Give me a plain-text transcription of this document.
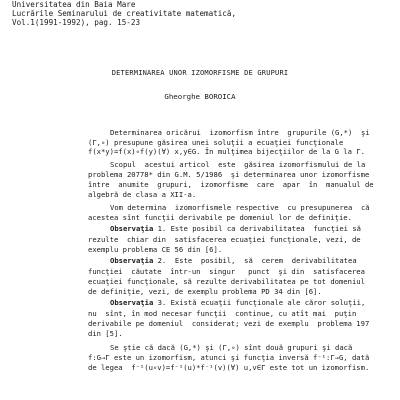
Universitatea din Baia Mare
Lucrările Seminarului de creativitate matematică,
Vol.1(1991-1992), pag. 15-23
DETERMINAREA UNOR IZOMORFISME DE GRUPURI
Gheorghe BOROICA
Determinarea oricărui  izomorfism între  grupurile (G,*)  şi
(Γ,∘) presupune găsirea unei soluţii a ecuaţiei funcţionale
f(x*y)=f(x)∘f(y)(∀) x,y∈G. În mulţimea bijecţiilor de la G la Γ.
Scopul  acestui articol  este  găsirea izomorfismului de la
problema 20778* din G.M. 5/1986  şi determinarea unor izomorfisme
între  anumite  grupuri,  izomorfisme  care  apar  în  manualul de
algebră de clasa a XII-a.
Vom determina  izomorfismele respective  cu presupunerea  că
acestea sînt funcţii derivabile pe domeniul lor de definiţie.
Observaţia 1. Este posibil ca derivabilitatea  funcţiei să
rezulte  chiar din  satisfacerea ecuaţiei funcţionale, vezi, de
exemplu problema CE 56 din [6].
Observaţia 2.  Este  posibil,  să  cerem  derivabilitatea
funcţiei  căutate  într-un  singur   punct  şi din  satisfacerea
ecuaţiei funcţionale, să rezulte derivabilitatea pe tot domeniul
de definiţie, vezi, de exemplu problema PD 34 din [6].
Observaţia 3. Există ecuaţii funcţionale ale căror soluţii,
nu  sînt, în mod necesar funcţii  continue, cu atît mai  puţin
derivabile pe domeniul  considerat; vezi de exemplu  problema 197
din [5].
Se ştie că dacă (G,*) şi (Γ,∘) sînt două grupuri şi dacă
f:G→Γ este un izomorfism, atunci şi funcţia inversă f⁻¹:Γ→G, dată
de legea  f⁻¹(u∘v)=f⁻¹(u)*f⁻¹(v)(∀) u,v∈Γ este tot un izomorfism.
